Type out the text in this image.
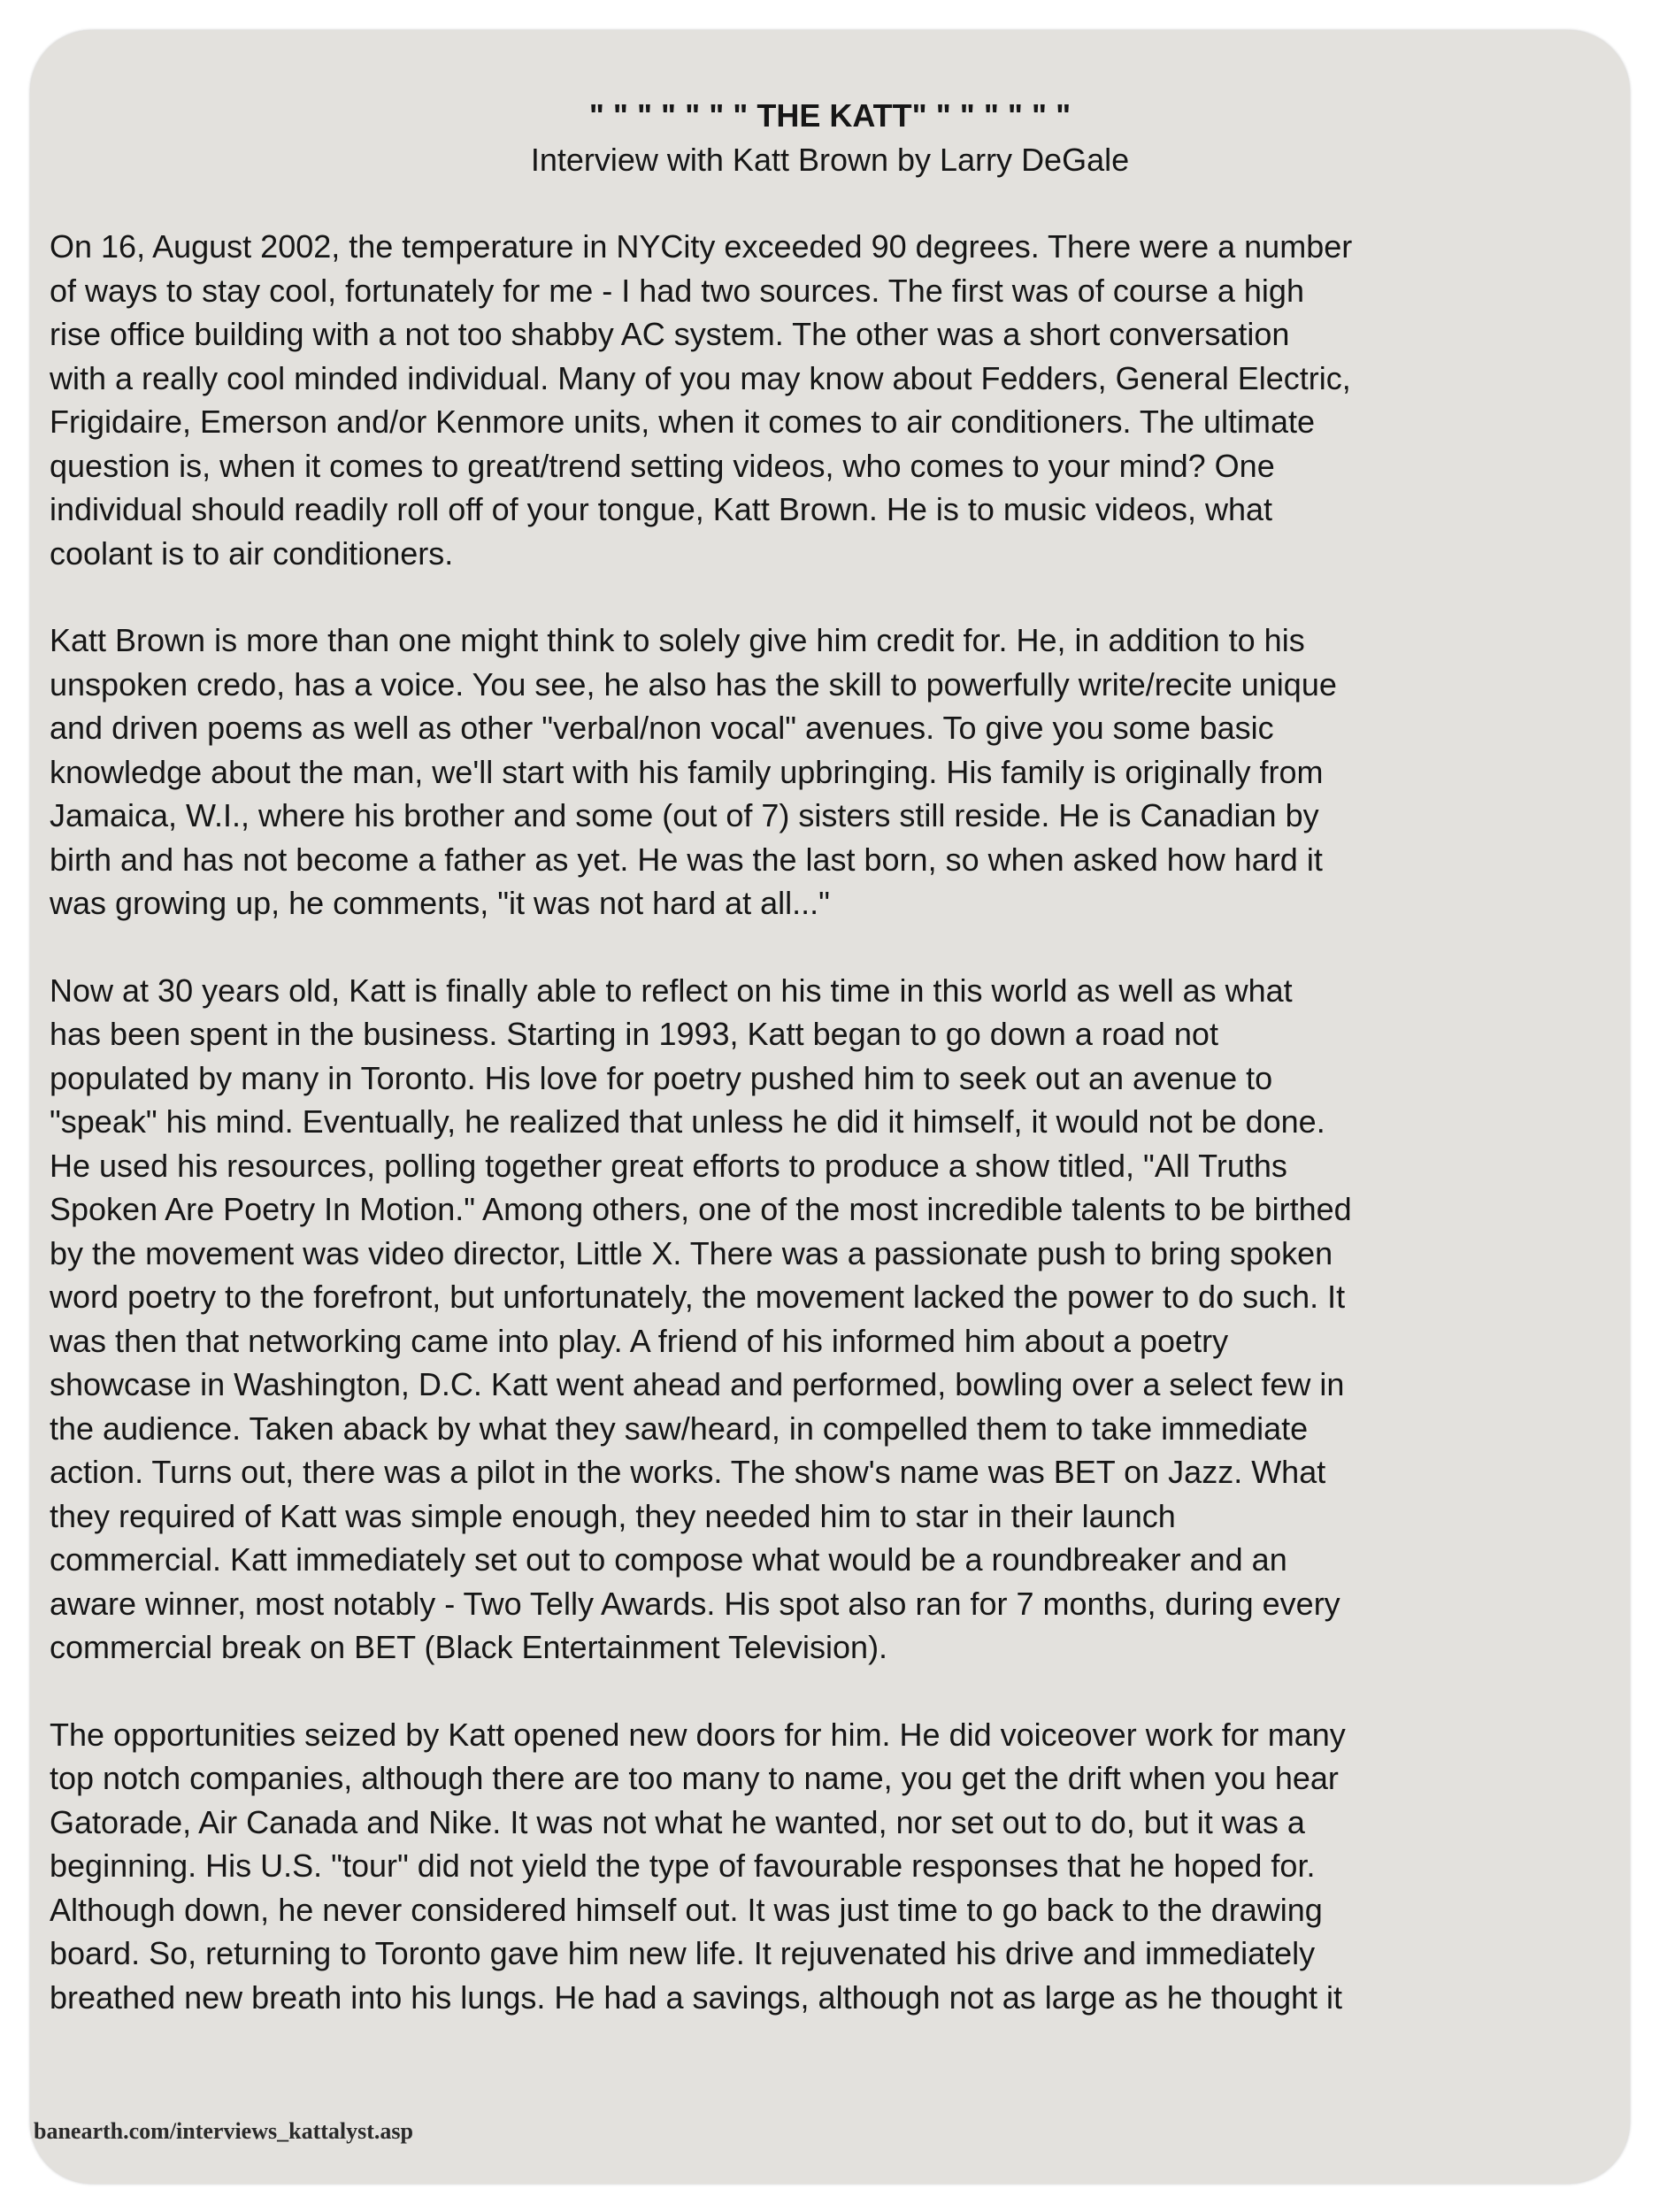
" " " " " " " THE KATT" " " " " " "

Interview with Katt Brown by Larry DeGale

On 16, August 2002, the temperature in NYCity exceeded 90 degrees. There were a number
of ways to stay cool, fortunately for me - I had two sources. The first was of course a high
rise office building with a not too shabby AC system. The other was a short conversation
with a really cool minded individual. Many of you may know about Fedders, General Electric,
Frigidaire, Emerson and/or Kenmore units, when it comes to air conditioners. The ultimate
question is, when it comes to great/trend setting videos, who comes to your mind? One
individual should readily roll off of your tongue, Katt Brown. He is to music videos, what
coolant is to air conditioners.

Katt Brown is more than one might think to solely give him credit for. He, in addition to his
unspoken credo, has a voice. You see, he also has the skill to powerfully write/recite unique
and driven poems as well as other "verbal/non vocal" avenues. To give you some basic
knowledge about the man, we'll start with his family upbringing. His family is originally from
Jamaica, W.I., where his brother and some (out of 7) sisters still reside. He is Canadian by
birth and has not become a father as yet. He was the last born, so when asked how hard it
was growing up, he comments, "it was not hard at all..."

Now at 30 years old, Katt is finally able to reflect on his time in this world as well as what
has been spent in the business. Starting in 1993, Katt began to go down a road not
populated by many in Toronto. His love for poetry pushed him to seek out an avenue to
"speak" his mind. Eventually, he realized that unless he did it himself, it would not be done.
He used his resources, polling together great efforts to produce a show titled, "All Truths
Spoken Are Poetry In Motion." Among others, one of the most incredible talents to be birthed
by the movement was video director, Little X. There was a passionate push to bring spoken
word poetry to the forefront, but unfortunately, the movement lacked the power to do such. It
was then that networking came into play. A friend of his informed him about a poetry
showcase in Washington, D.C. Katt went ahead and performed, bowling over a select few in
the audience. Taken aback by what they saw/heard, in compelled them to take immediate
action. Turns out, there was a pilot in the works. The show's name was BET on Jazz. What
they required of Katt was simple enough, they needed him to star in their launch
commercial. Katt immediately set out to compose what would be a roundbreaker and an
aware winner, most notably - Two Telly Awards. His spot also ran for 7 months, during every
commercial break on BET (Black Entertainment Television).

The opportunities seized by Katt opened new doors for him. He did voiceover work for many
top notch companies, although there are too many to name, you get the drift when you hear
Gatorade, Air Canada and Nike. It was not what he wanted, nor set out to do, but it was a
beginning. His U.S. "tour" did not yield the type of favourable responses that he hoped for.
Although down, he never considered himself out. It was just time to go back to the drawing
board. So, returning to Toronto gave him new life. It rejuvenated his drive and immediately
breathed new breath into his lungs. He had a savings, although not as large as he thought it

banearth.com/interviews_kattalyst.asp
